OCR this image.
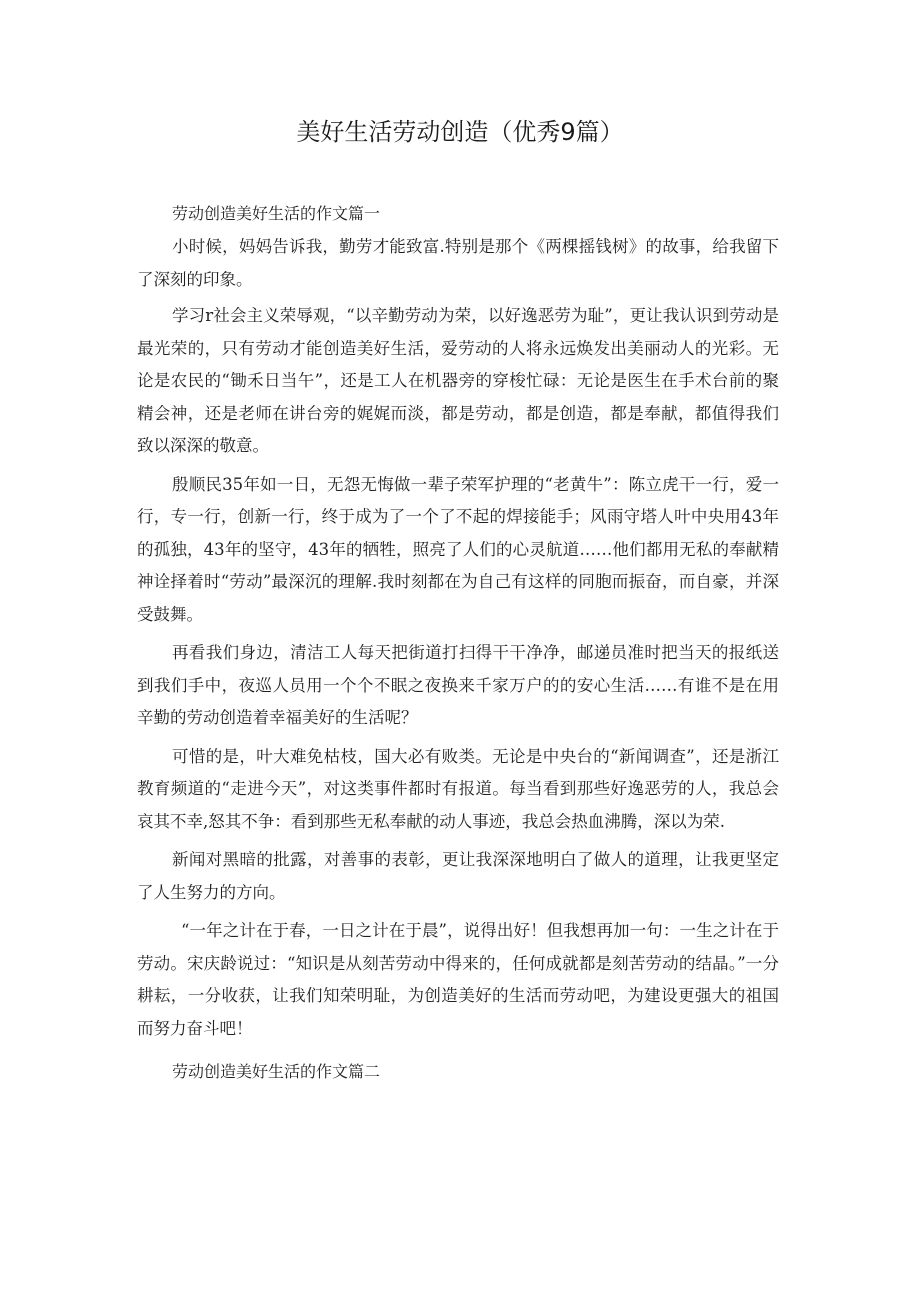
美好生活劳动创造（优秀9篇）

劳动创造美好生活的作文篇一

小时候，妈妈告诉我，勤劳才能致富.特别是那个《两棵摇钱树》的故事，给我留下了深刻的印象。

学习r社会主义荣辱观，“以辛勤劳动为荣，以好逸恶劳为耻”，更让我认识到劳动是最光荣的，只有劳动才能创造美好生活，爱劳动的人将永远焕发出美丽动人的光彩。无论是农民的“锄禾日当午”，还是工人在机器旁的穿梭忙碌：无论是医生在手术台前的聚精会神，还是老师在讲台旁的娓娓而淡，都是劳动，都是创造，都是奉献，都值得我们致以深深的敬意。

殷顺民35年如一日，无怨无悔做一辈子荣军护理的“老黄牛”：陈立虎干一行，爱一行，专一行，创新一行，终于成为了一个了不起的焊接能手；风雨守塔人叶中央用43年的孤独，43年的坚守，43年的牺牲，照亮了人们的心灵航道……他们都用无私的奉献精神诠择着时“劳动”最深沉的理解.我时刻都在为自己有这样的同胞而振奋，而自豪，并深受鼓舞。

再看我们身边，清洁工人每天把街道打扫得干干净净，邮递员准时把当天的报纸送到我们手中，夜巡人员用一个个不眠之夜换来千家万户的的安心生活……有谁不是在用辛勤的劳动创造着幸福美好的生活呢？

可惜的是，叶大难免枯枝，国大必有败类。无论是中央台的“新闻调查”，还是浙江教育频道的“走进今天”，对这类事件都时有报道。每当看到那些好逸恶劳的人，我总会哀其不幸,怒其不争：看到那些无私奉献的动人事迹，我总会热血沸腾，深以为荣.

新闻对黑暗的批露，对善事的表彰，更让我深深地明白了做人的道理，让我更坚定了人生努力的方向。

“一年之计在于春，一日之计在于晨”，说得出好！但我想再加一句：一生之计在于劳动。宋庆龄说过：“知识是从刻苦劳动中得来的，任何成就都是刻苦劳动的结晶。”一分耕耘，一分收获，让我们知荣明耻，为创造美好的生活而劳动吧，为建设更强大的祖国而努力奋斗吧！

劳动创造美好生活的作文篇二
